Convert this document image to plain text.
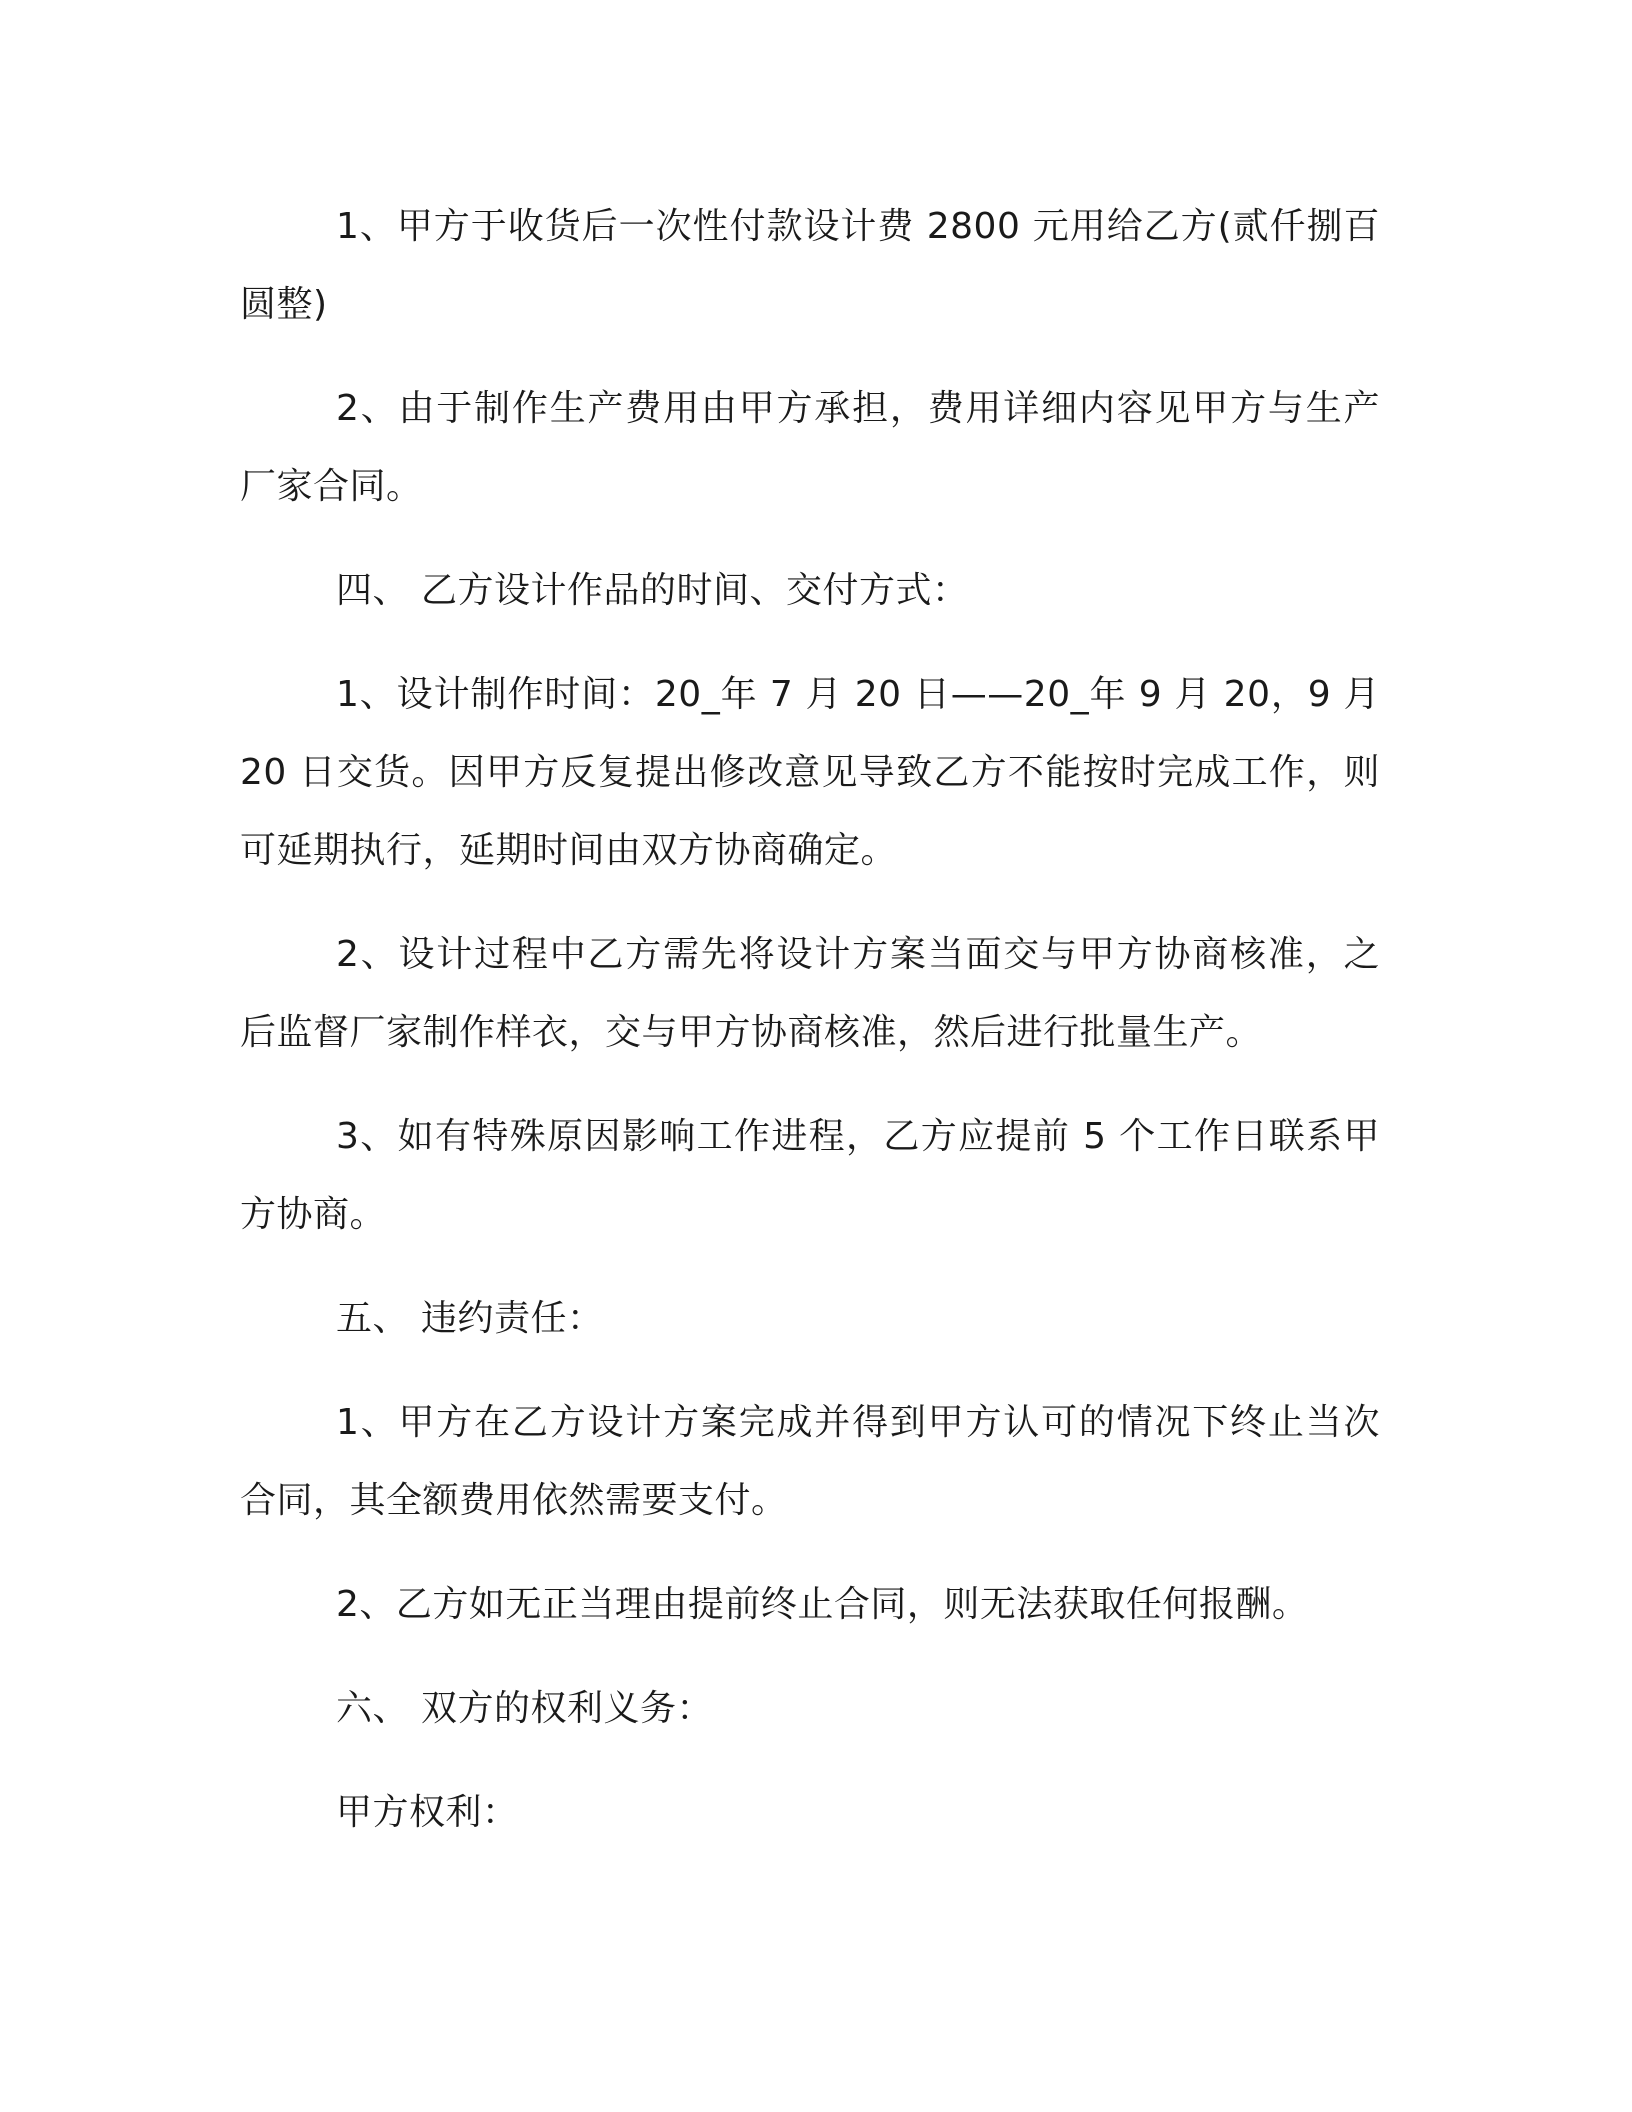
1、甲方于收货后一次性付款设计费 2800 元用给乙方(贰仟捌百圆整)

2、由于制作生产费用由甲方承担，费用详细内容见甲方与生产厂家合同。

四、 乙方设计作品的时间、交付方式：

1、设计制作时间：20_年 7 月 20 日——20_年 9 月 20，9 月 20 日交货。因甲方反复提出修改意见导致乙方不能按时完成工作，则可延期执行，延期时间由双方协商确定。

2、设计过程中乙方需先将设计方案当面交与甲方协商核准，之后监督厂家制作样衣，交与甲方协商核准，然后进行批量生产。

3、如有特殊原因影响工作进程，乙方应提前 5 个工作日联系甲方协商。

五、 违约责任：

1、甲方在乙方设计方案完成并得到甲方认可的情况下终止当次合同，其全额费用依然需要支付。

2、乙方如无正当理由提前终止合同，则无法获取任何报酬。

六、 双方的权利义务：

甲方权利：
